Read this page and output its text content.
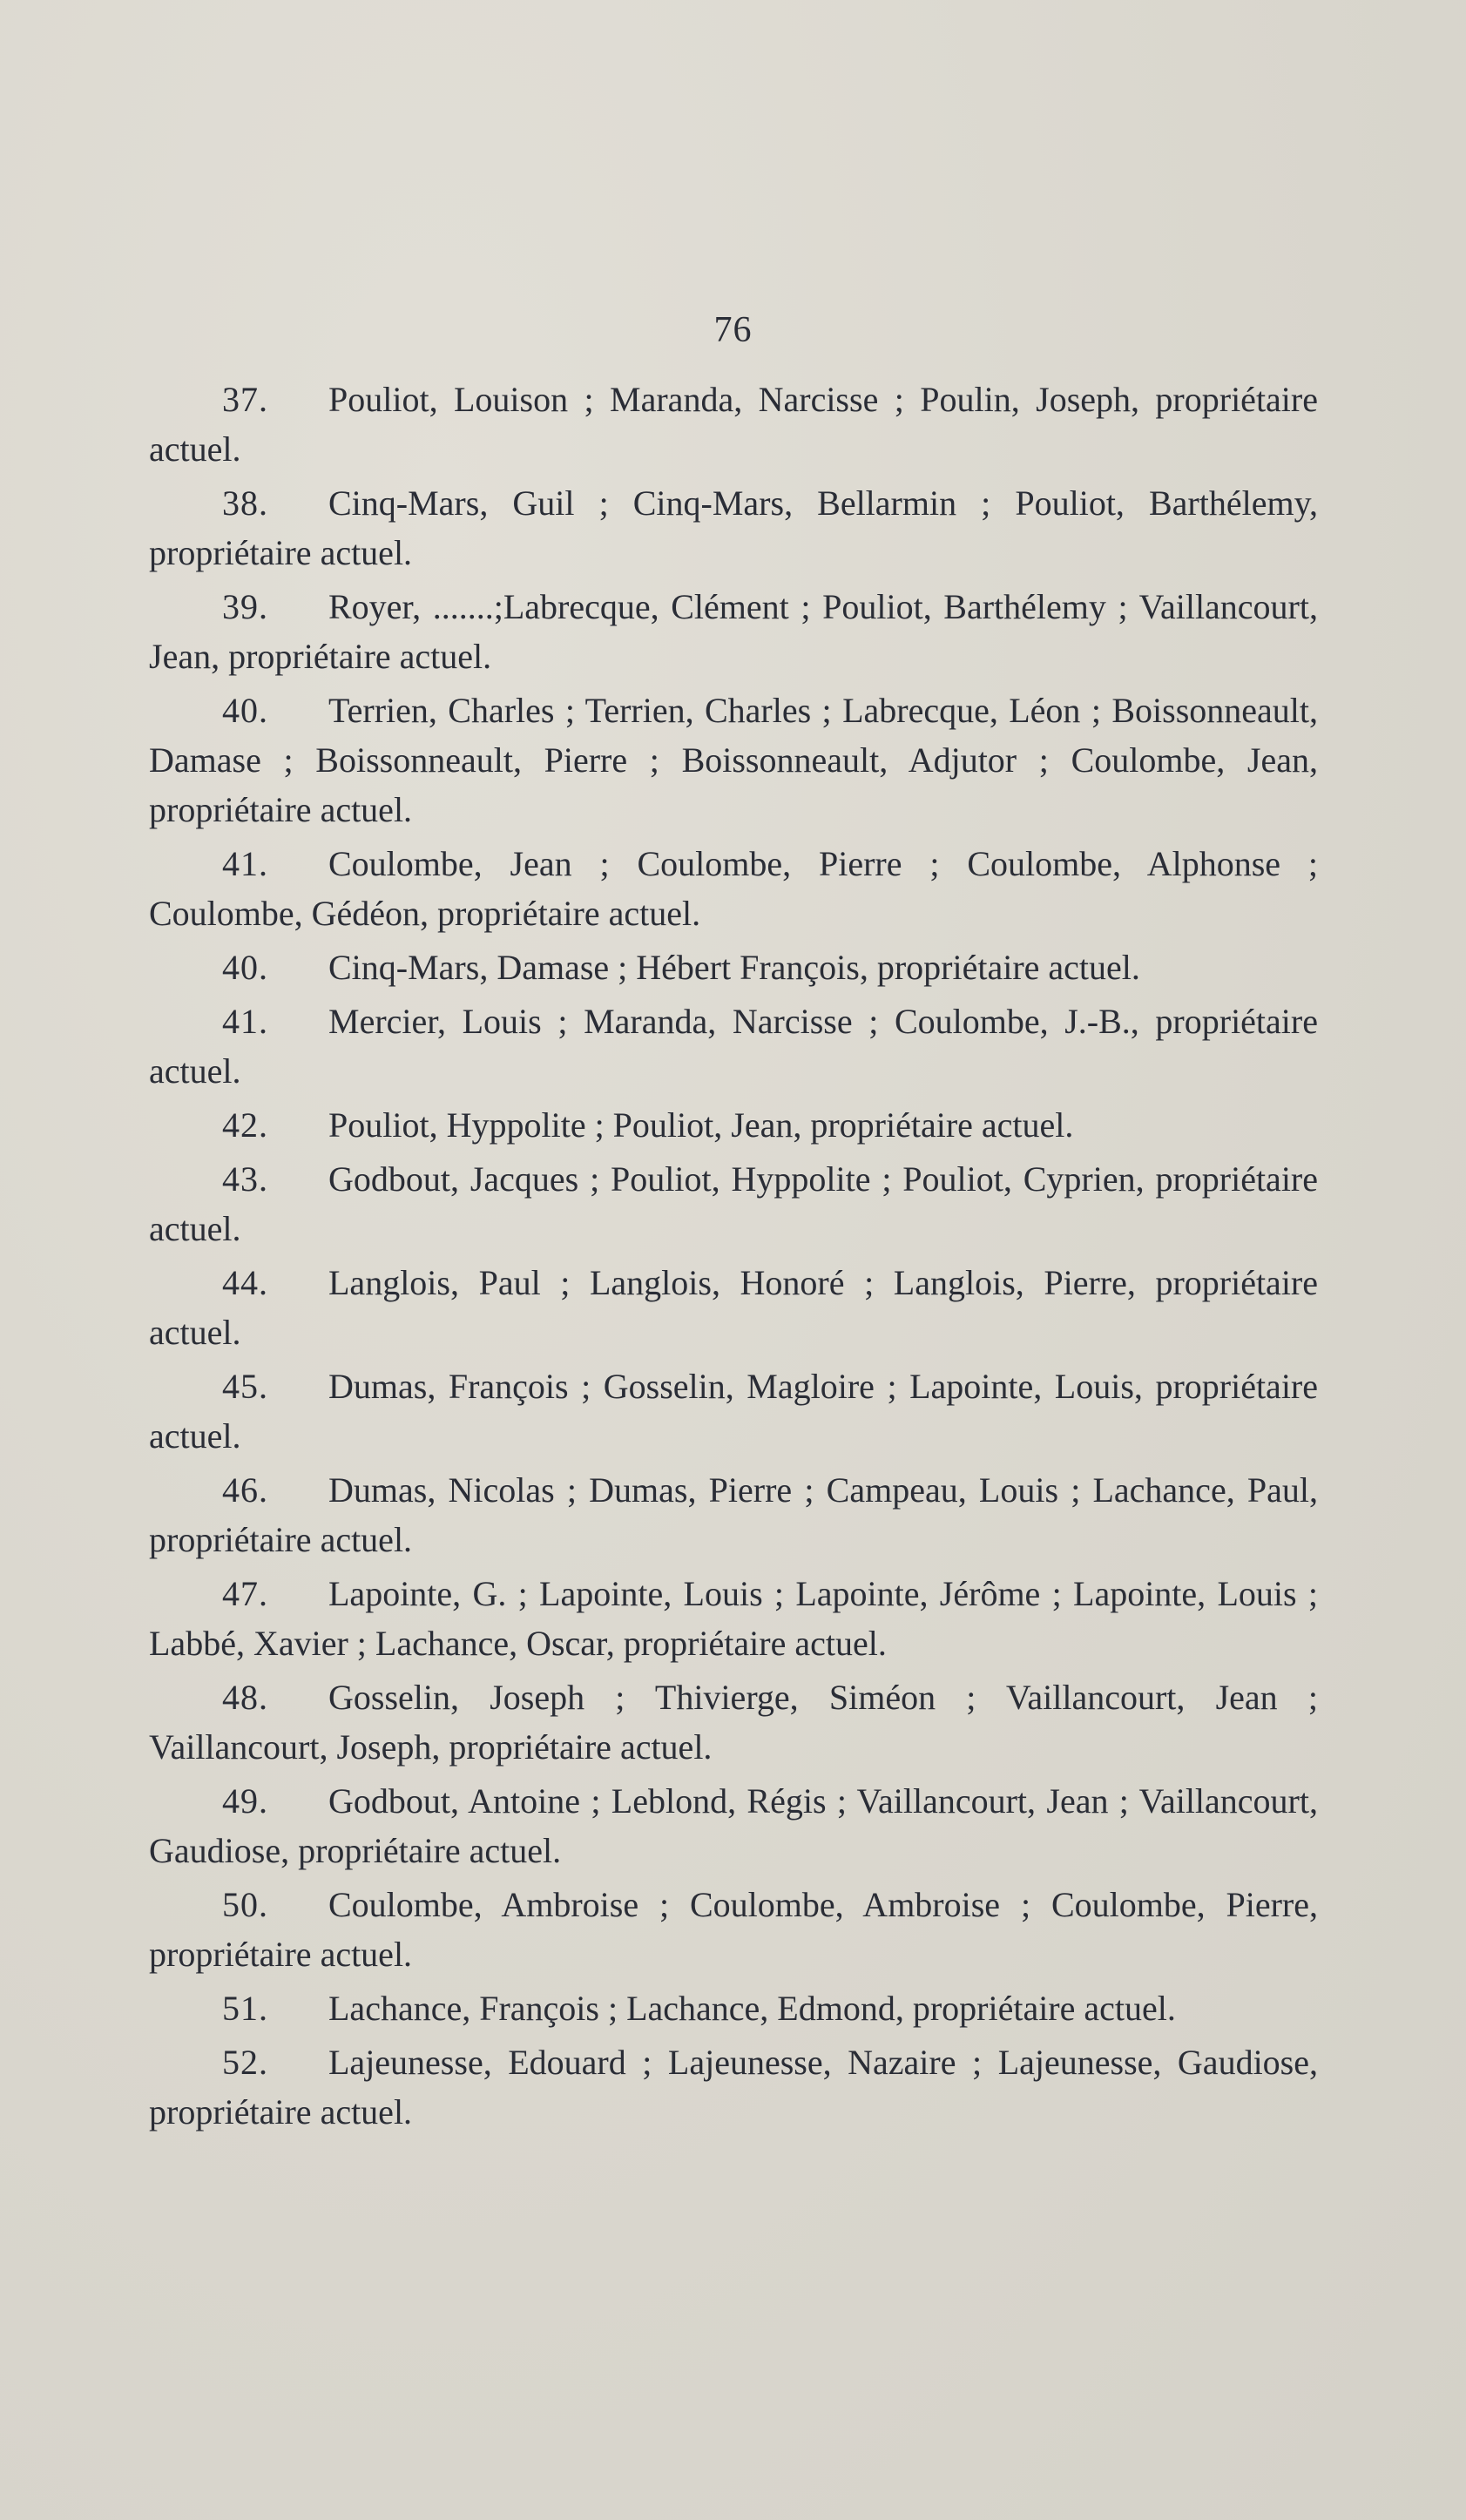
76

37. Pouliot, Louison ; Maranda, Narcisse ; Poulin, Joseph, propriétaire actuel.

38. Cinq-Mars, Guil ; Cinq-Mars, Bellarmin ; Pouliot, Barthélemy, propriétaire actuel.

39. Royer, .......;Labrecque, Clément ; Pouliot, Barthélemy ; Vaillancourt, Jean, propriétaire actuel.

40. Terrien, Charles ; Terrien, Charles ; Labrecque, Léon ; Boissonneault, Damase ; Boissonneault, Pierre ; Boissonneault, Adjutor ; Coulombe, Jean, propriétaire actuel.

41. Coulombe, Jean ; Coulombe, Pierre ; Coulombe, Alphonse ; Coulombe, Gédéon, propriétaire actuel.

40. Cinq-Mars, Damase ; Hébert François, propriétaire actuel.

41. Mercier, Louis ; Maranda, Narcisse ; Coulombe, J.-B., propriétaire actuel.

42. Pouliot, Hyppolite ; Pouliot, Jean, propriétaire actuel.

43. Godbout, Jacques ; Pouliot, Hyppolite ; Pouliot, Cyprien, propriétaire actuel.

44. Langlois, Paul ; Langlois, Honoré ; Langlois, Pierre, propriétaire actuel.

45. Dumas, François ; Gosselin, Magloire ; Lapointe, Louis, propriétaire actuel.

46. Dumas, Nicolas ; Dumas, Pierre ; Campeau, Louis ; Lachance, Paul, propriétaire actuel.

47. Lapointe, G. ; Lapointe, Louis ; Lapointe, Jérôme ; Lapointe, Louis ; Labbé, Xavier ; Lachance, Oscar, propriétaire actuel.

48. Gosselin, Joseph ; Thivierge, Siméon ; Vaillancourt, Jean ; Vaillancourt, Joseph, propriétaire actuel.

49. Godbout, Antoine ; Leblond, Régis ; Vaillancourt, Jean ; Vaillancourt, Gaudiose, propriétaire actuel.

50. Coulombe, Ambroise ; Coulombe, Ambroise ; Coulombe, Pierre, propriétaire actuel.

51. Lachance, François ; Lachance, Edmond, propriétaire actuel.

52. Lajeunesse, Edouard ; Lajeunesse, Nazaire ; Lajeunesse, Gaudiose, propriétaire actuel.
